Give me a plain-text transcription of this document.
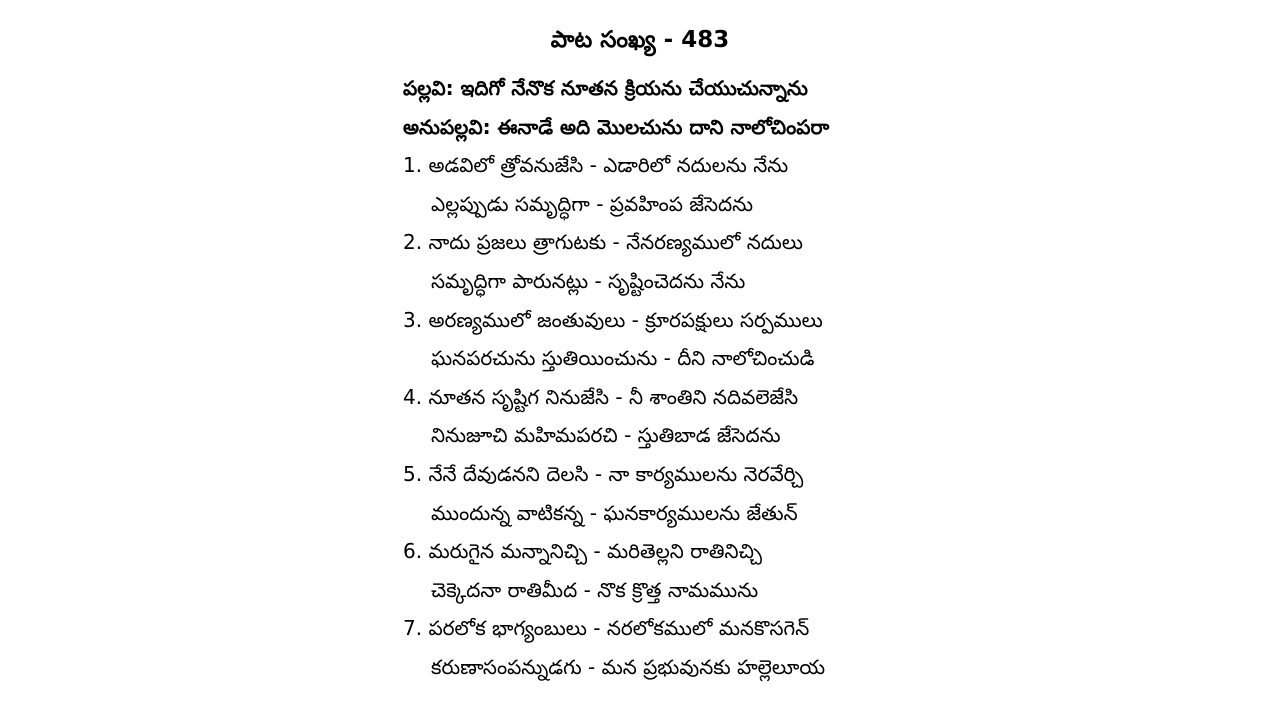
పాట సంఖ్య - 483
పల్లవి: ఇదిగో నేనొక నూతన క్రియను చేయుచున్నాను
అనుపల్లవి: ఈనాడే అది మొలచును దాని నాలోచింపరా
1. అడవిలో త్రోవనుజేసి - ఎడారిలో నదులను నేను
ఎల్లప్పుడు సమృద్ధిగా - ప్రవహింప జేసెదను
2. నాదు ప్రజలు త్రాగుటకు - నేనరణ్యములో నదులు
సమృద్ధిగా పారునట్లు - సృష్టించెదను నేను
3. అరణ్యములో జంతువులు - క్రూరపక్షులు సర్పములు
ఘనపరచును స్తుతియించును - దీని నాలోచించుడి
4. నూతన సృష్టిగ నినుజేసి - నీ శాంతిని నదివలెజేసి
నినుజూచి మహిమపరచి - స్తుతిబాడ జేసెదను
5. నేనే దేవుడనని దెలసి - నా కార్యములను నెరవేర్చి
ముందున్న వాటికన్న - ఘనకార్యములను జేతున్
6. మరుగైన మన్నానిచ్చి - మరితెల్లని రాతినిచ్చి
చెక్కెదనా రాతిమీద - నొక క్రొత్త నామమును
7. పరలోక భాగ్యంబులు - నరలోకములో మనకొసగెన్
కరుణాసంపన్నుడగు - మన ప్రభువునకు హల్లెలూయ
